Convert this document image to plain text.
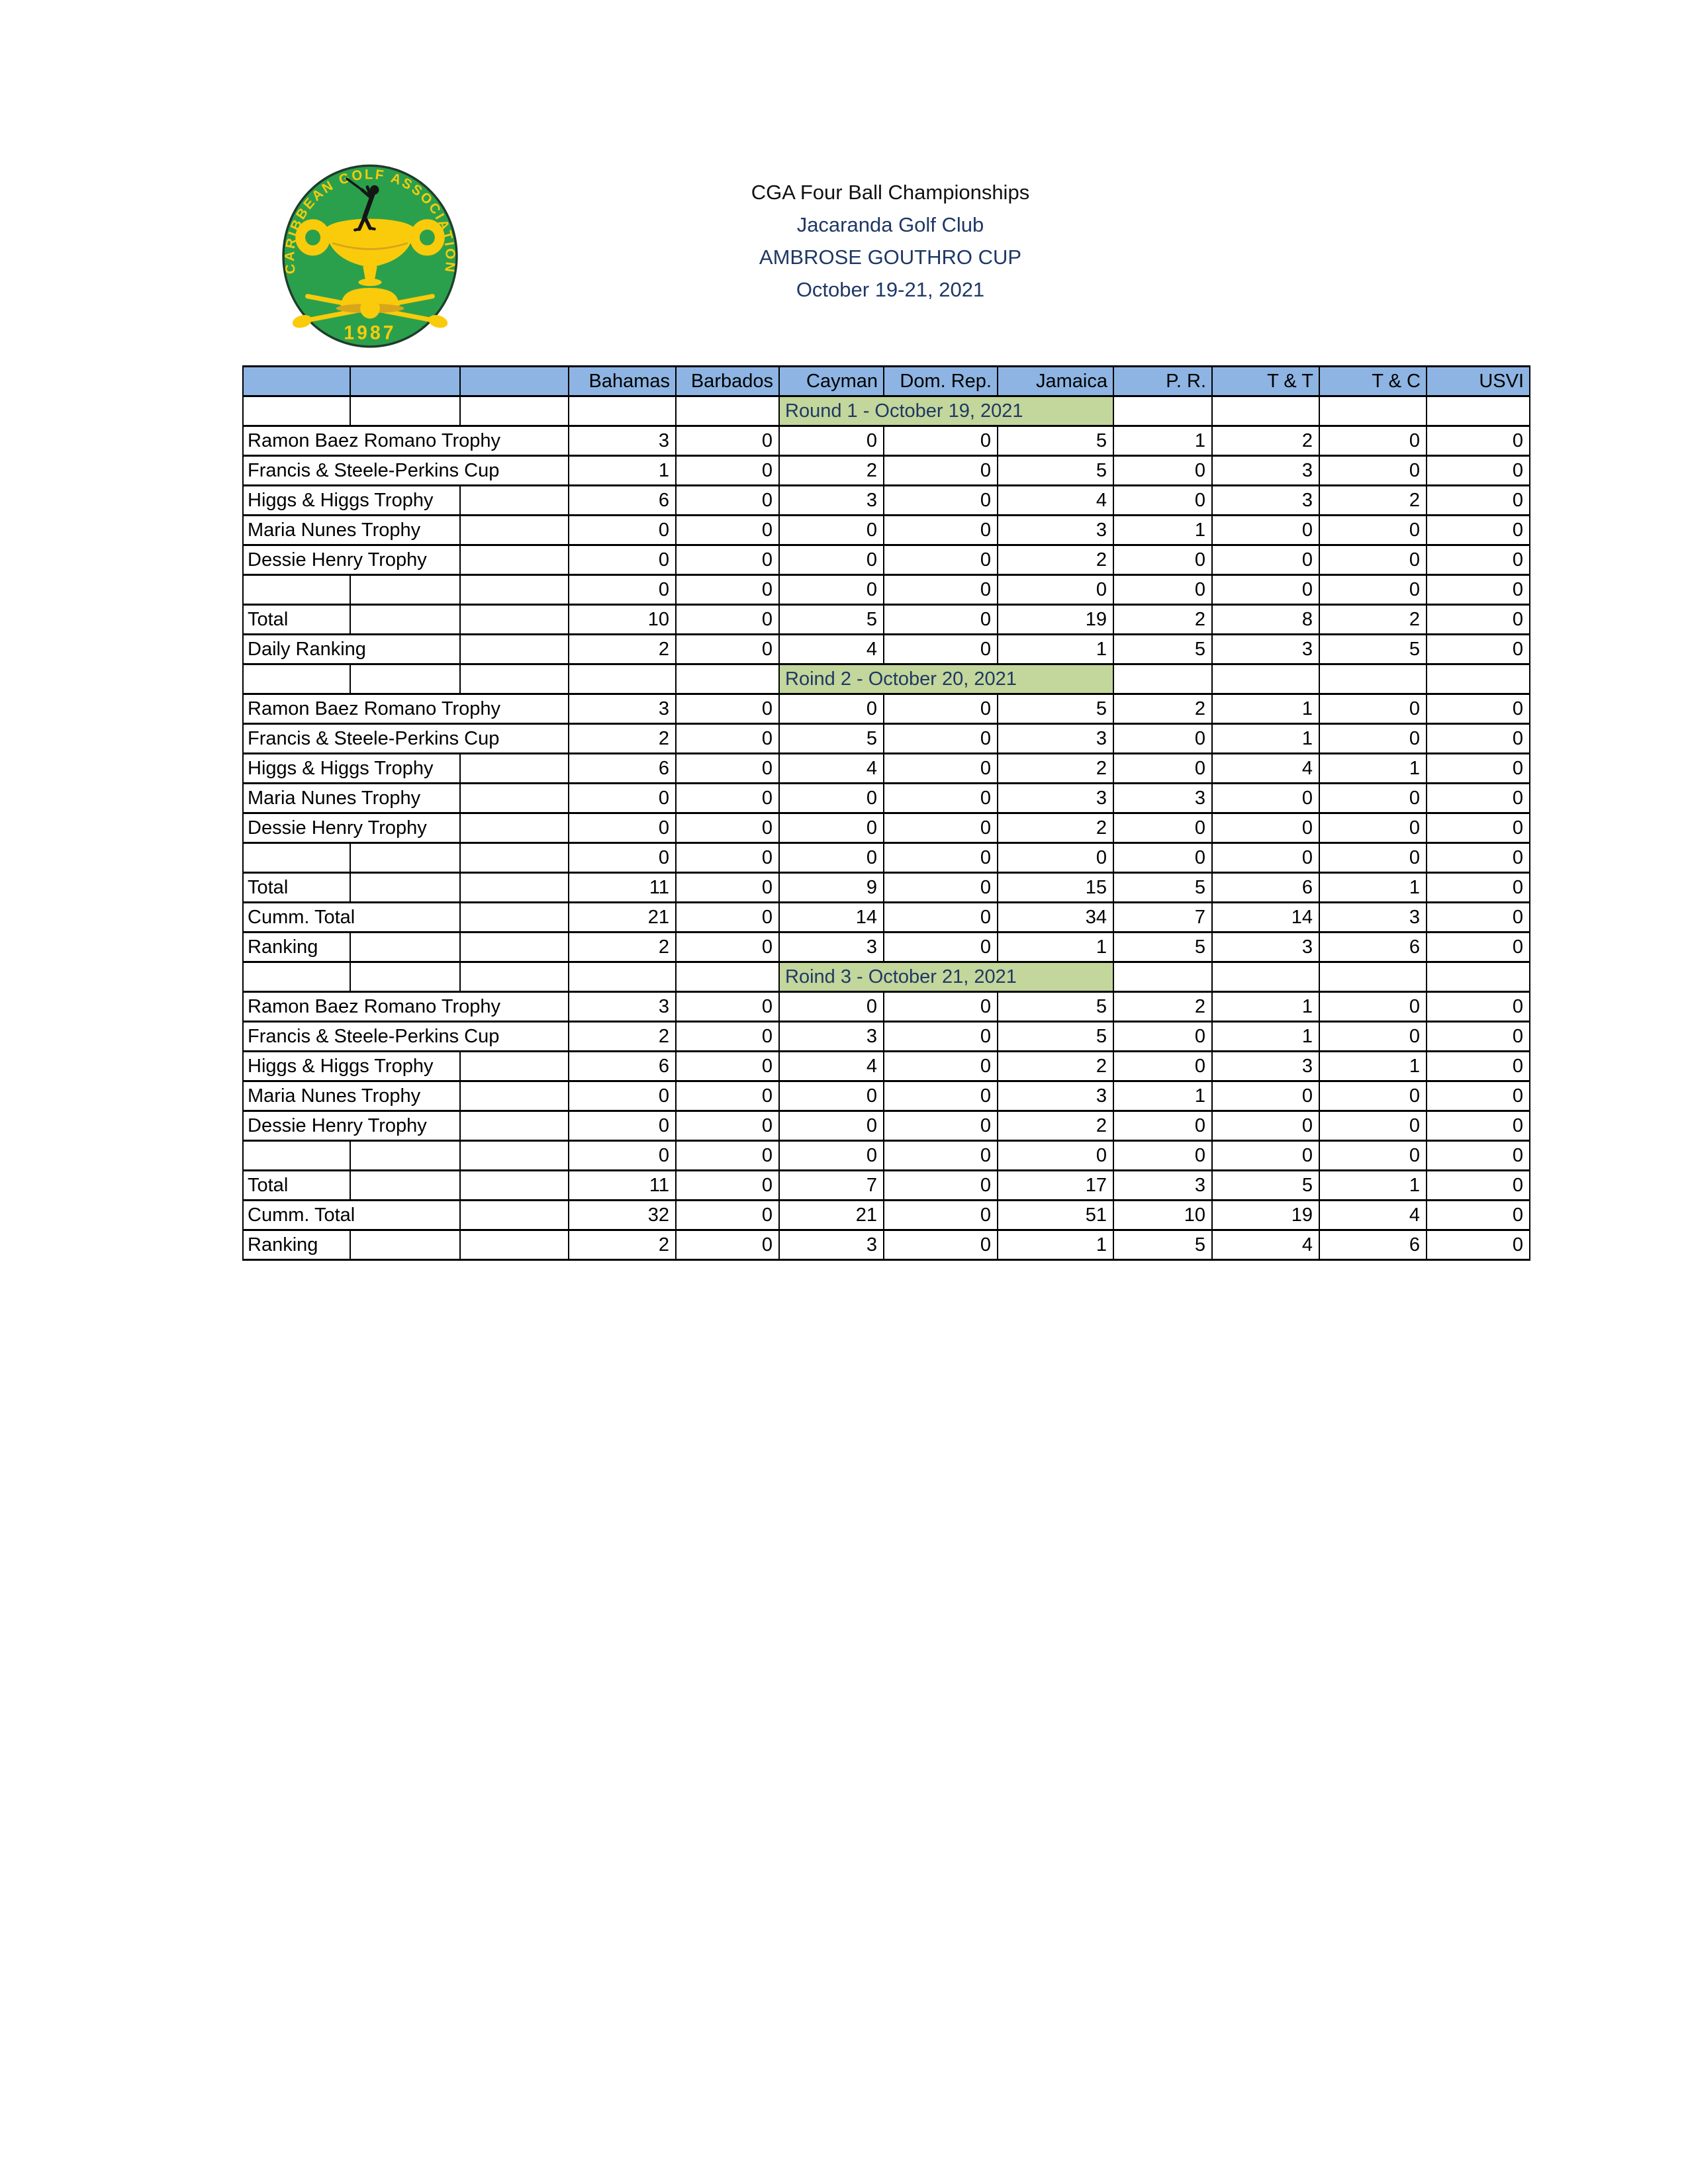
CARIBBEAN GOLF ASSOCIATION
1987
CGA Four Ball Championships
Jacaranda Golf Club
AMBROSE GOUTHRO CUP
October 19-21, 2021
			Bahamas	Barbados	Cayman	Dom. Rep.	Jamaica	P. R.	T & T	T & C	USVI
					Round 1 - October 19, 2021						
Ramon Baez Romano Trophy			3	0	0	0	5	1	2	0	0
Francis & Steele-Perkins Cup			1	0	2	0	5	0	3	0	0
Higgs & Higgs Trophy			6	0	3	0	4	0	3	2	0
Maria Nunes Trophy			0	0	0	0	3	1	0	0	0
Dessie Henry Trophy			0	0	0	0	2	0	0	0	0
			0	0	0	0	0	0	0	0	0
Total			10	0	5	0	19	2	8	2	0
Daily Ranking			2	0	4	0	1	5	3	5	0
					Roind 2 - October 20, 2021						
Ramon Baez Romano Trophy			3	0	0	0	5	2	1	0	0
Francis & Steele-Perkins Cup			2	0	5	0	3	0	1	0	0
Higgs & Higgs Trophy			6	0	4	0	2	0	4	1	0
Maria Nunes Trophy			0	0	0	0	3	3	0	0	0
Dessie Henry Trophy			0	0	0	0	2	0	0	0	0
			0	0	0	0	0	0	0	0	0
Total			11	0	9	0	15	5	6	1	0
Cumm. Total			21	0	14	0	34	7	14	3	0
Ranking			2	0	3	0	1	5	3	6	0
					Roind 3 - October 21, 2021						
Ramon Baez Romano Trophy			3	0	0	0	5	2	1	0	0
Francis & Steele-Perkins Cup			2	0	3	0	5	0	1	0	0
Higgs & Higgs Trophy			6	0	4	0	2	0	3	1	0
Maria Nunes Trophy			0	0	0	0	3	1	0	0	0
Dessie Henry Trophy			0	0	0	0	2	0	0	0	0
			0	0	0	0	0	0	0	0	0
Total			11	0	7	0	17	3	5	1	0
Cumm. Total			32	0	21	0	51	10	19	4	0
Ranking			2	0	3	0	1	5	4	6	0
